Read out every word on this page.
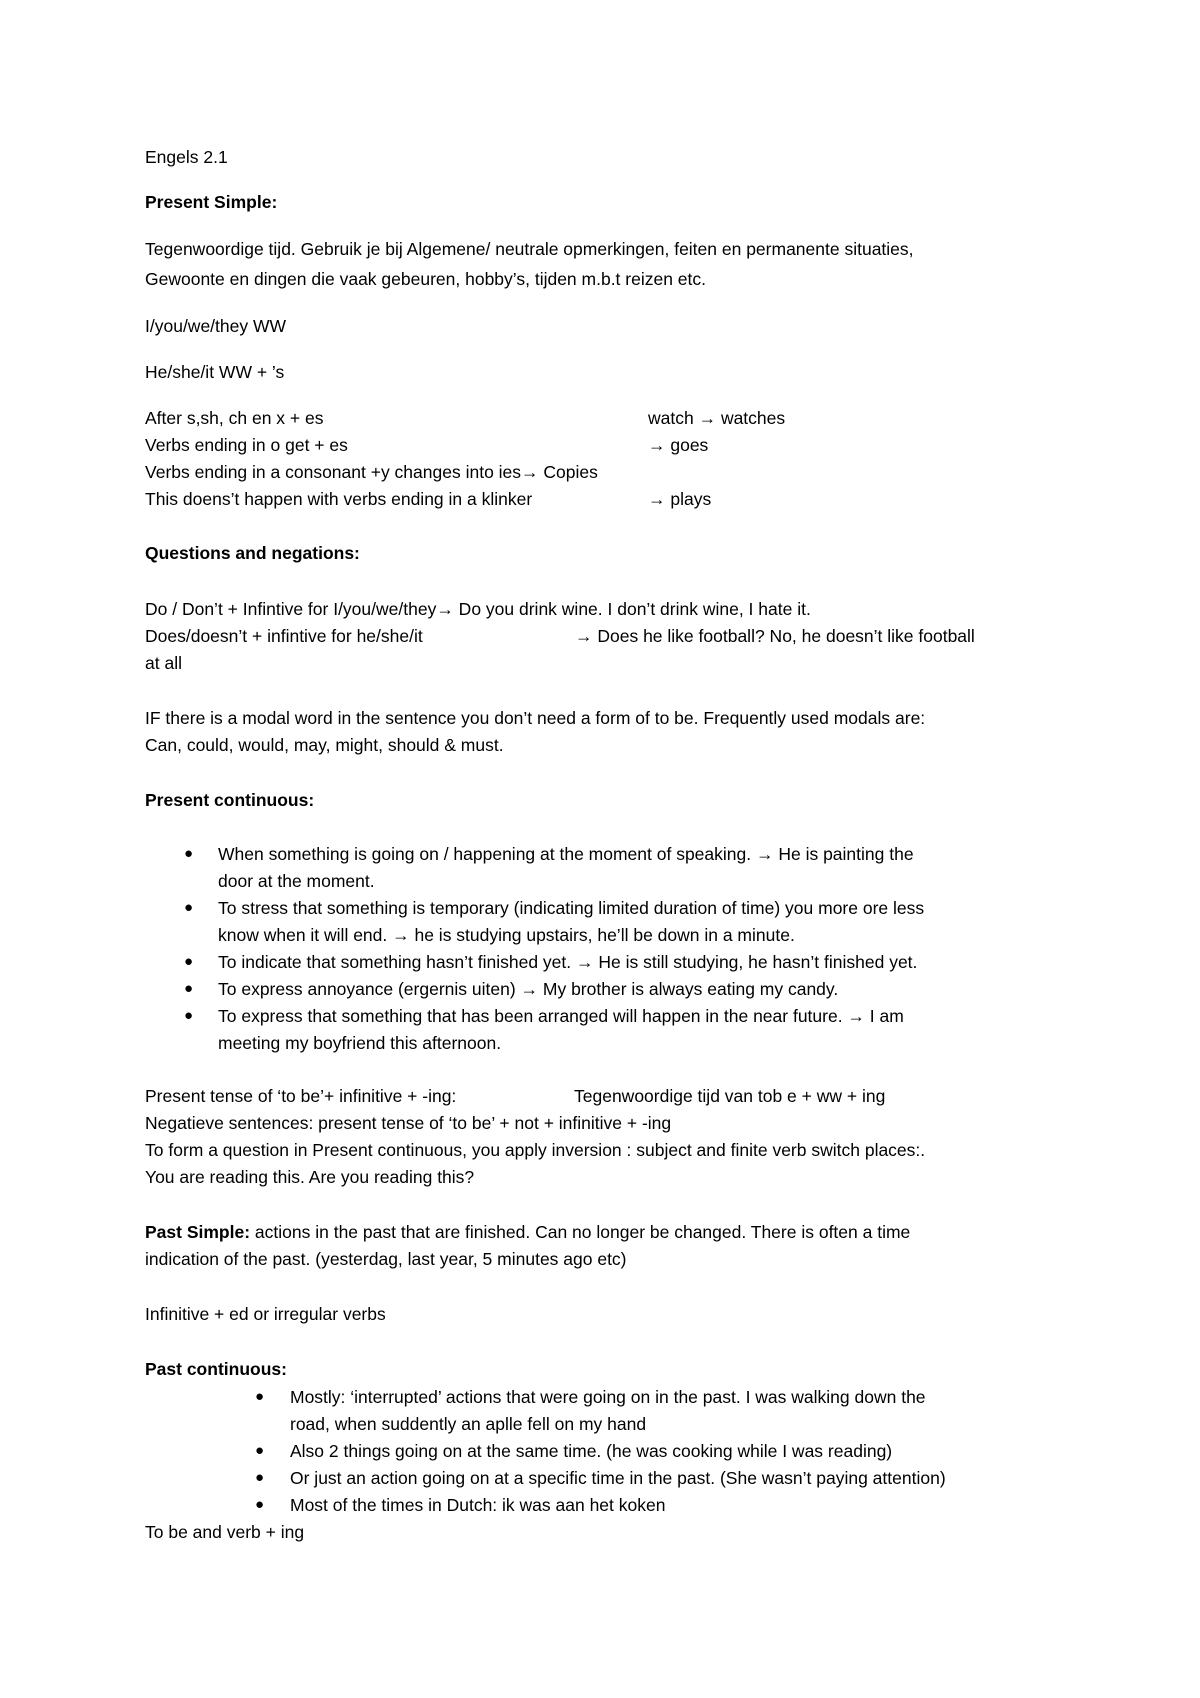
Engels 2.1
Present Simple:
Tegenwoordige tijd. Gebruik je bij Algemene/ neutrale opmerkingen, feiten en permanente situaties,
Gewoonte en dingen die vaak gebeuren, hobby’s, tijden m.b.t reizen etc.
I/you/we/they WW
He/she/it WW + ’s
After s,sh, ch en x + es	watch → watches
Verbs ending in o get + es	→ goes
Verbs ending in a consonant +y changes into ies→ Copies
This doens’t happen with verbs ending in a klinker	→ plays
Questions and negations:
Do / Don’t + Infintive for I/you/we/they→ Do you drink wine. I don’t drink wine, I hate it.
Does/doesn’t + infintive for he/she/it	→ Does he like football? No, he doesn’t like football
at all
IF there is a modal word in the sentence you don’t need a form of to be. Frequently used modals are:
Can, could, would, may, might, should & must.
Present continuous:
● When something is going on / happening at the moment of speaking. → He is painting the
door at the moment.
● To stress that something is temporary (indicating limited duration of time) you more ore less
know when it will end. → he is studying upstairs, he’ll be down in a minute.
● To indicate that something hasn’t finished yet. → He is still studying, he hasn’t finished yet.
● To express annoyance (ergernis uiten) → My brother is always eating my candy.
● To express that something that has been arranged will happen in the near future. → I am
meeting my boyfriend this afternoon.
Present tense of ‘to be’+ infinitive + -ing:	Tegenwoordige tijd van tob e + ww + ing
Negatieve sentences: present tense of ‘to be’ + not + infinitive + -ing
To form a question in Present continuous, you apply inversion : subject and finite verb switch places:.
You are reading this. Are you reading this?
Past Simple: actions in the past that are finished. Can no longer be changed. There is often a time
indication of the past. (yesterdag, last year, 5 minutes ago etc)
Infinitive + ed or irregular verbs
Past continuous:
● Mostly: ‘interrupted’ actions that were going on in the past. I was walking down the
road, when suddently an aplle fell on my hand
● Also 2 things going on at the same time. (he was cooking while I was reading)
● Or just an action going on at a specific time in the past. (She wasn’t paying attention)
● Most of the times in Dutch: ik was aan het koken
To be and verb + ing
